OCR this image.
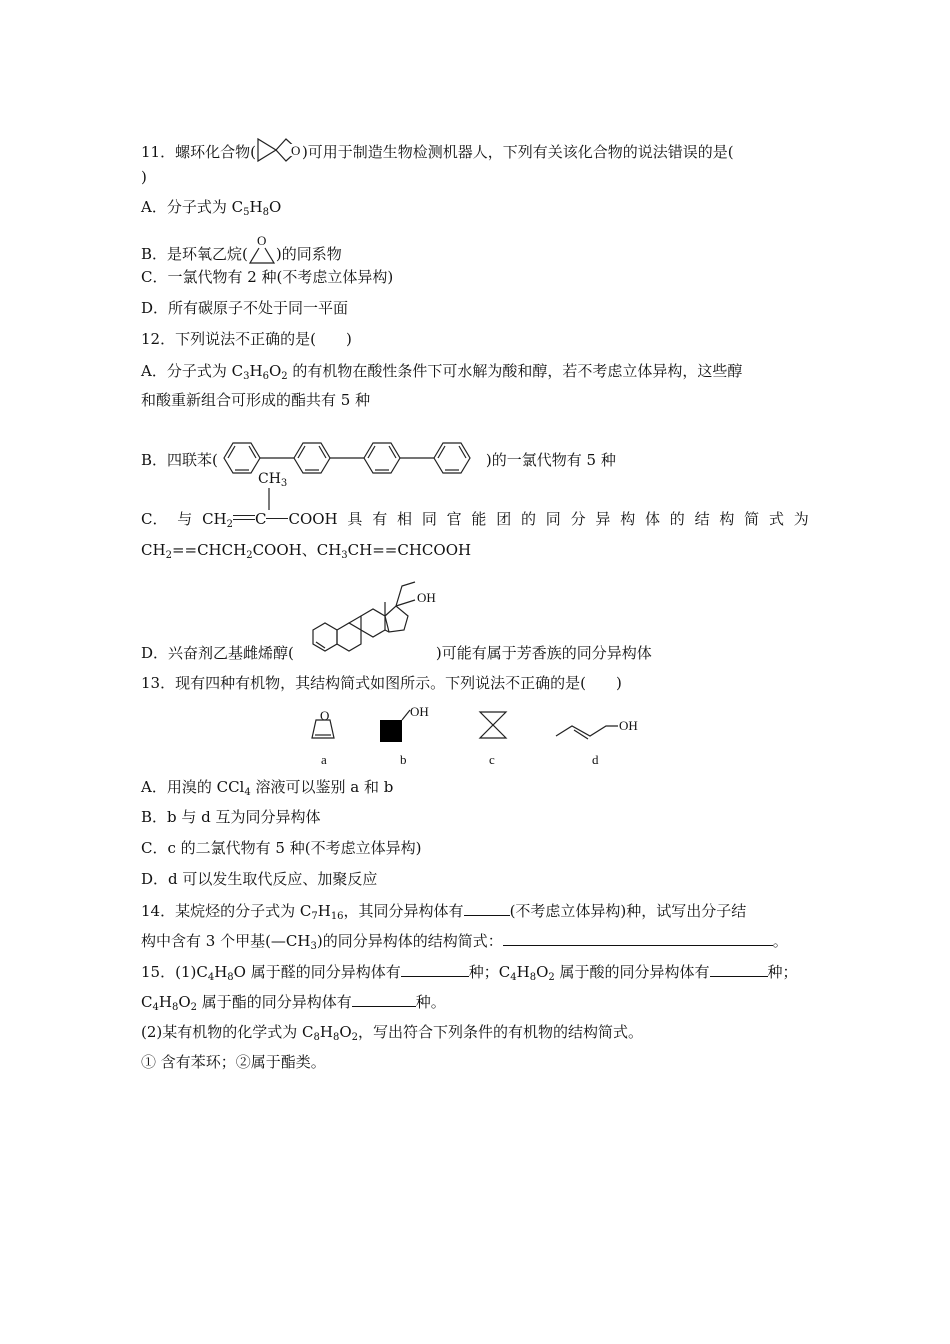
11．螺环化合物(	O )可用于制造生物检测机器人，下列有关该化合物的说法错误的是(
)
A．分子式为 $C_5H_8O$
B．是环氧乙烷(
O
)的同系物
C．一氯代物有 2 种(不考虑立体异构)
D．所有碳原子不处于同一平面
12．下列说法不正确的是(　　)
A．分子式为 $C_3H_6O_2$ 的有机物在酸性条件下可水解为酸和醇，若不考虑立体异构，这些醇
和酸重新组合可形成的酯共有 5 种
B．四联苯(	)的一氯代物有 5 种
$CH_3$
C． 与 $CH_2$ C COOH 具 有 相 同 官 能 团 的 同 分 异 构 体 的 结 构 简 式 为
$CH_2==CHCH_2COOH$、$CH_3CH==CHCOOH$
OH
D．兴奋剂乙基雌烯醇(	)可能有属于芳香族的同分异构体
13．现有四种有机物，其结构简式如图所示。下列说法不正确的是(　　)
O
a
OH
b	c
OH
d
A．用溴的 CCl$_4$ 溶液可以鉴别 a 和 b
B．b 与 d 互为同分异构体
C．c 的二氯代物有 5 种(不考虑立体异构)
D．d 可以发生取代反应、加聚反应
14．某烷烃的分子式为 $C_7H_{16}$，其同分异构体有	(不考虑立体异构)种，试写出分子结
构中含有 3 个甲基$(—CH_3)$的同分异构体的结构简式：	。
15．$(1)C_4H_8O$ 属于醛的同分异构体有	种；$C_4H_8O_2$ 属于酸的同分异构体有	种；
$C_4H_8O_2$ 属于酯的同分异构体有	种。
(2)某有机物的化学式为 $C_8H_8O_2$，写出符合下列条件的有机物的结构简式。
① 含有苯环；②属于酯类。
